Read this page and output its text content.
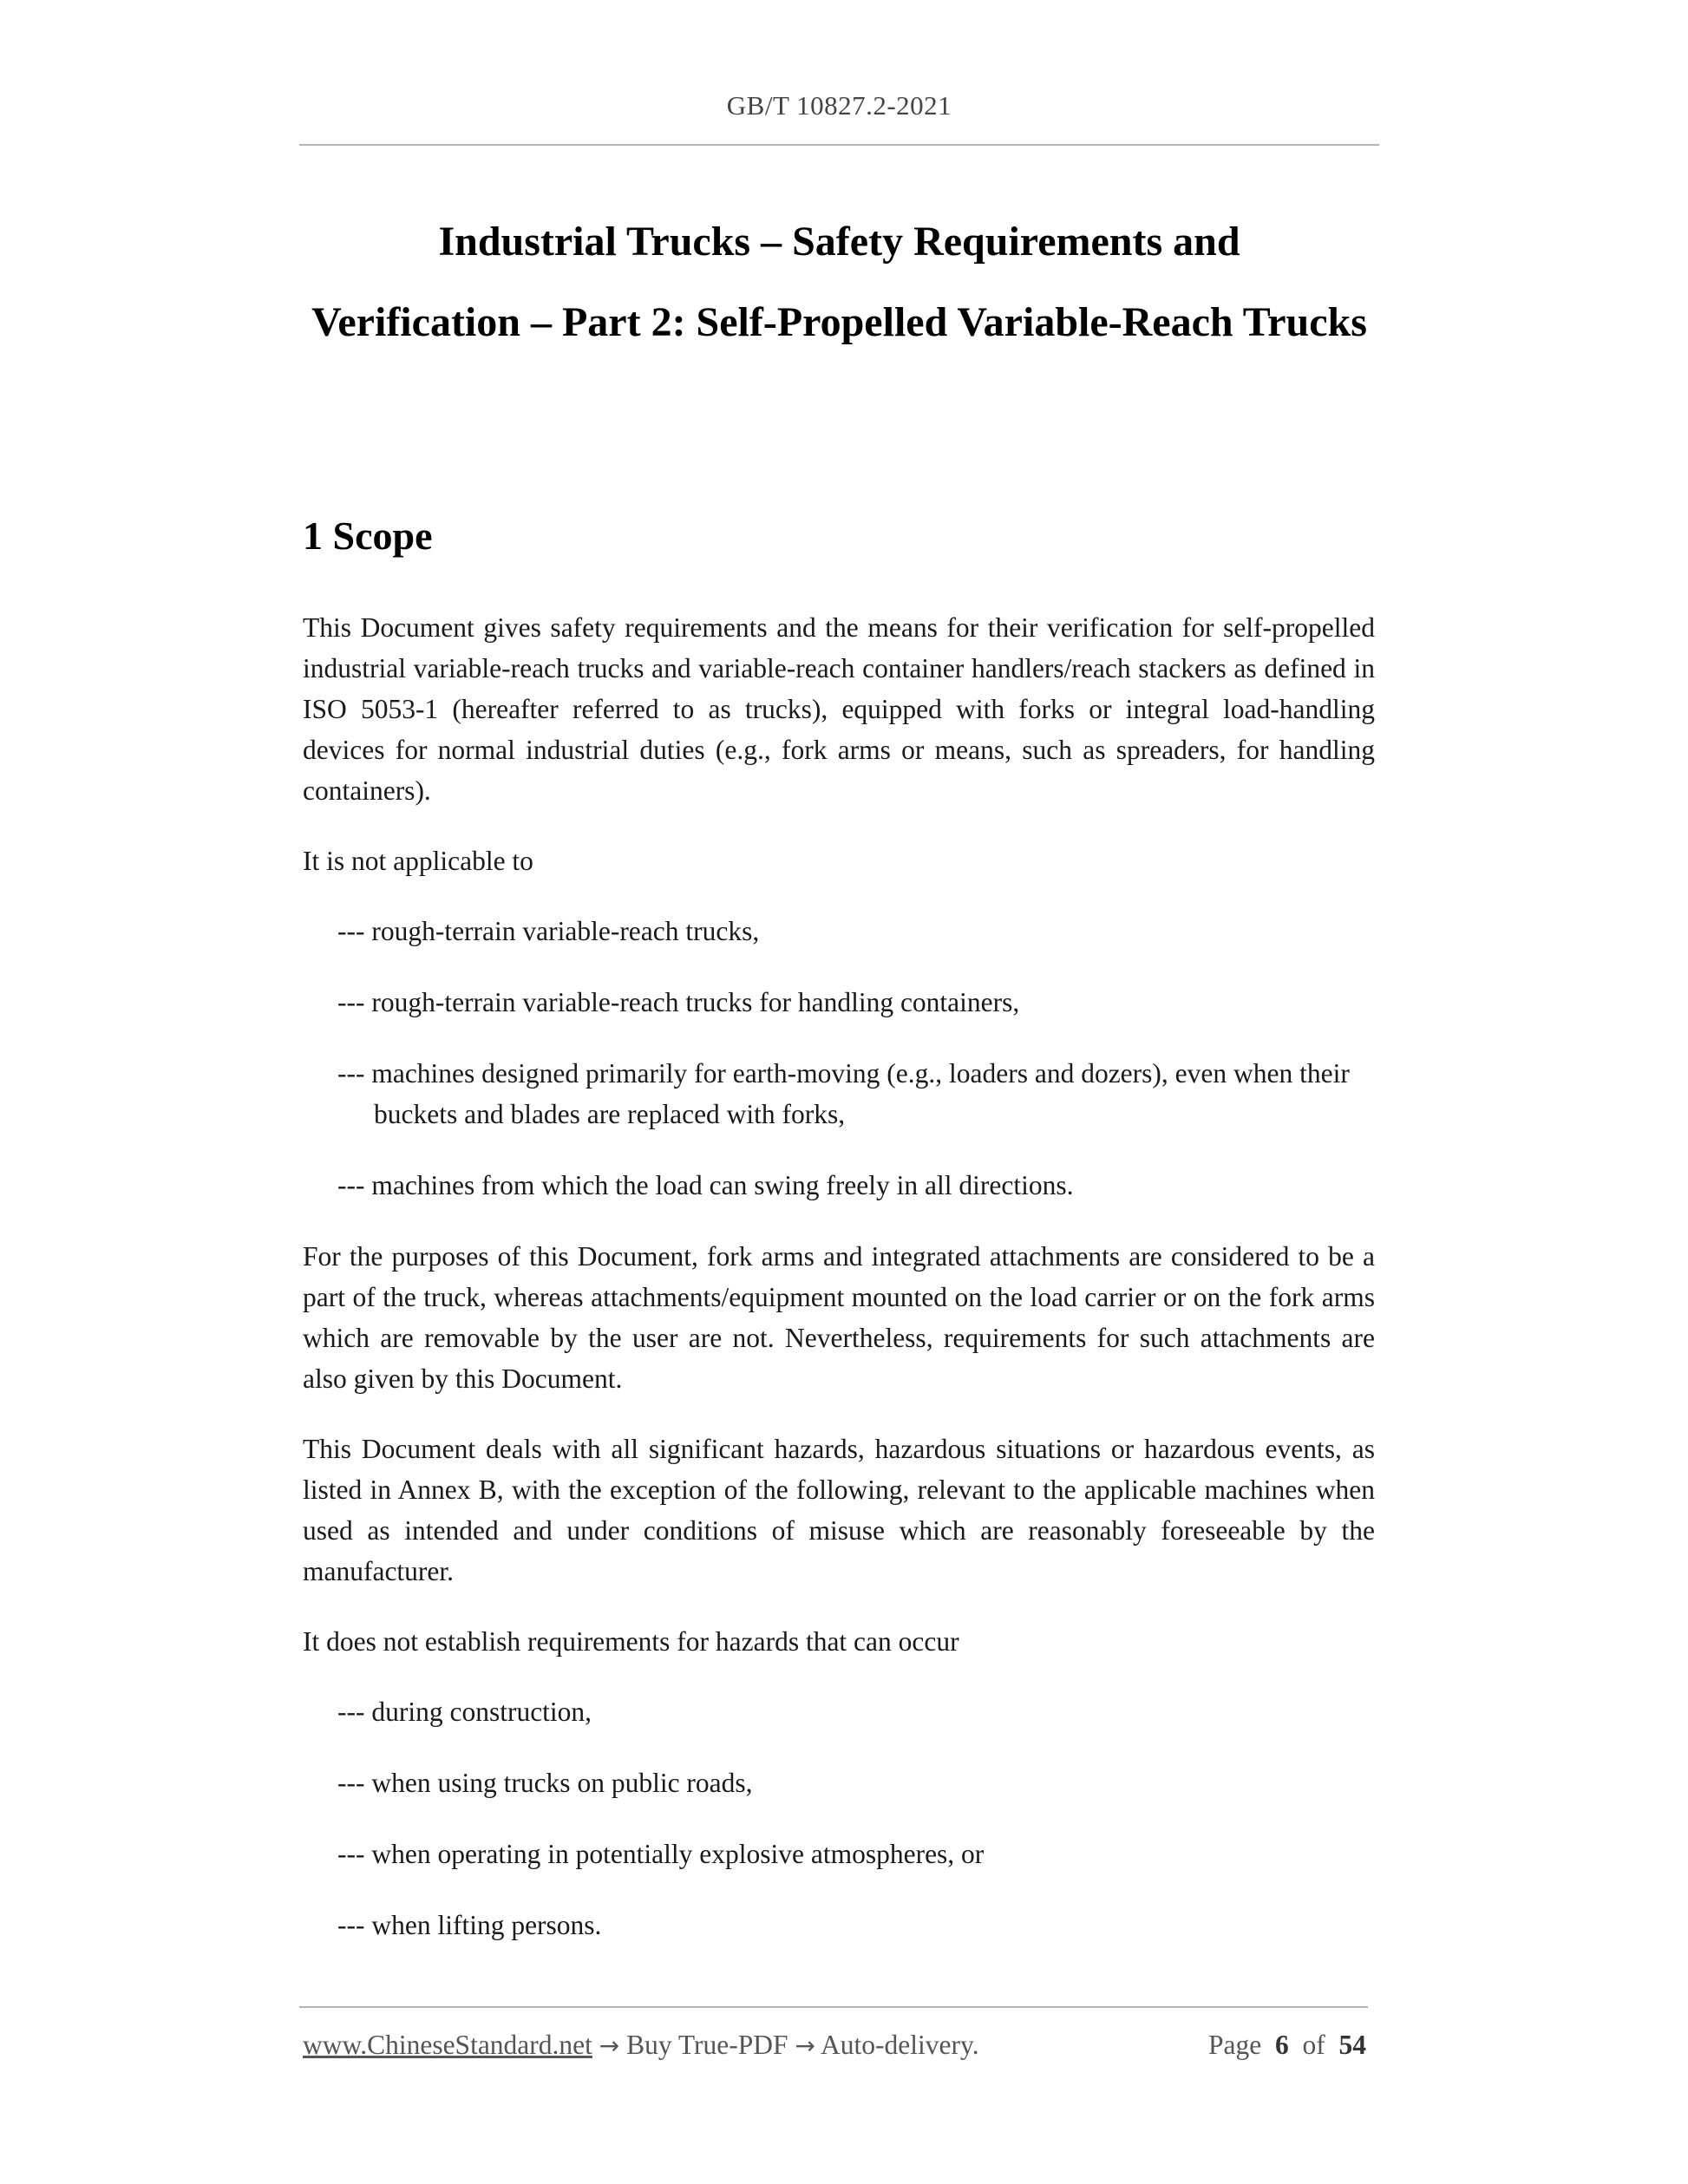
GB/T 10827.2-2021
Industrial Trucks – Safety Requirements and
Verification – Part 2: Self-Propelled Variable-Reach Trucks
1 Scope

This Document gives safety requirements and the means for their verification for self-propelled industrial variable-reach trucks and variable-reach container handlers/reach stackers as defined in ISO 5053-1 (hereafter referred to as trucks), equipped with forks or integral load-handling devices for normal industrial duties (e.g., fork arms or means, such as spreaders, for handling containers).

It is not applicable to

--- rough-terrain variable-reach trucks,
--- rough-terrain variable-reach trucks for handling containers,
--- machines designed primarily for earth-moving (e.g., loaders and dozers), even when their buckets and blades are replaced with forks,
--- machines from which the load can swing freely in all directions.

For the purposes of this Document, fork arms and integrated attachments are considered to be a part of the truck, whereas attachments/equipment mounted on the load carrier or on the fork arms which are removable by the user are not. Nevertheless, requirements for such attachments are also given by this Document.

This Document deals with all significant hazards, hazardous situations or hazardous events, as listed in Annex B, with the exception of the following, relevant to the applicable machines when used as intended and under conditions of misuse which are reasonably foreseeable by the manufacturer.

It does not establish requirements for hazards that can occur

--- during construction,
--- when using trucks on public roads,
--- when operating in potentially explosive atmospheres, or
--- when lifting persons.
www.ChineseStandard.net → Buy True-PDF → Auto-delivery.	Page 6 of 54
